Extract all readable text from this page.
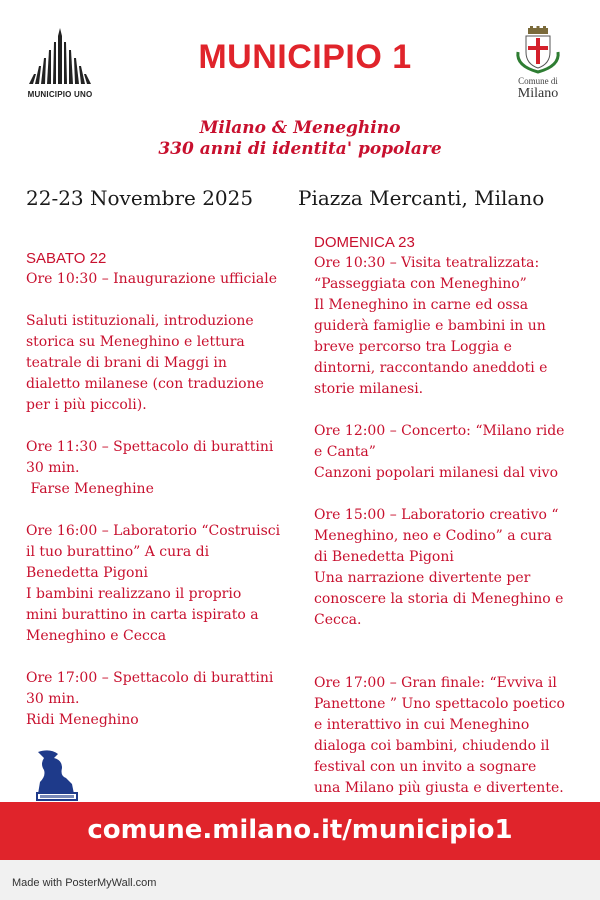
MUNICIPIO UNO
MUNICIPIO 1
Comune di
Milano
Milano & Meneghino
330 anni di identita' popolare
22-23 Novembre 2025 Piazza Mercanti, Milano

SABATO 22

Ore 10:30 – Inaugurazione ufficiale

Saluti istituzionali, introduzione

storica su Meneghino e lettura

teatrale di brani di Maggi in

dialetto milanese (con traduzione

per i più piccoli).

Ore 11:30 – Spettacolo di burattini

30 min.

Farse Meneghine

Ore 16:00 – Laboratorio “Costruisci

il tuo burattino” A cura di

Benedetta Pigoni

I bambini realizzano il proprio

mini burattino in carta ispirato a

Meneghino e Cecca

Ore 17:00 – Spettacolo di burattini

30 min.

Ridi Meneghino

DOMENICA 23

Ore 10:30 – Visita teatralizzata:

“Passeggiata con Meneghino”

Il Meneghino in carne ed ossa

guiderà famiglie e bambini in un

breve percorso tra Loggia e

dintorni, raccontando aneddoti e

storie milanesi.

Ore 12:00 – Concerto: “Milano ride

e Canta”

Canzoni popolari milanesi dal vivo

Ore 15:00 – Laboratorio creativo “

Meneghino, neo e Codino” a cura

di Benedetta Pigoni

Una narrazione divertente per

conoscere la storia di Meneghino e

Cecca.

Ore 17:00 – Gran finale: “Evviva il

Panettone ” Uno spettacolo poetico

e interattivo in cui Meneghino

dialoga coi bambini, chiudendo il

festival con un invito a sognare

una Milano più giusta e divertente.

comune.milano.it/municipio1
Made with PosterMyWall.com
